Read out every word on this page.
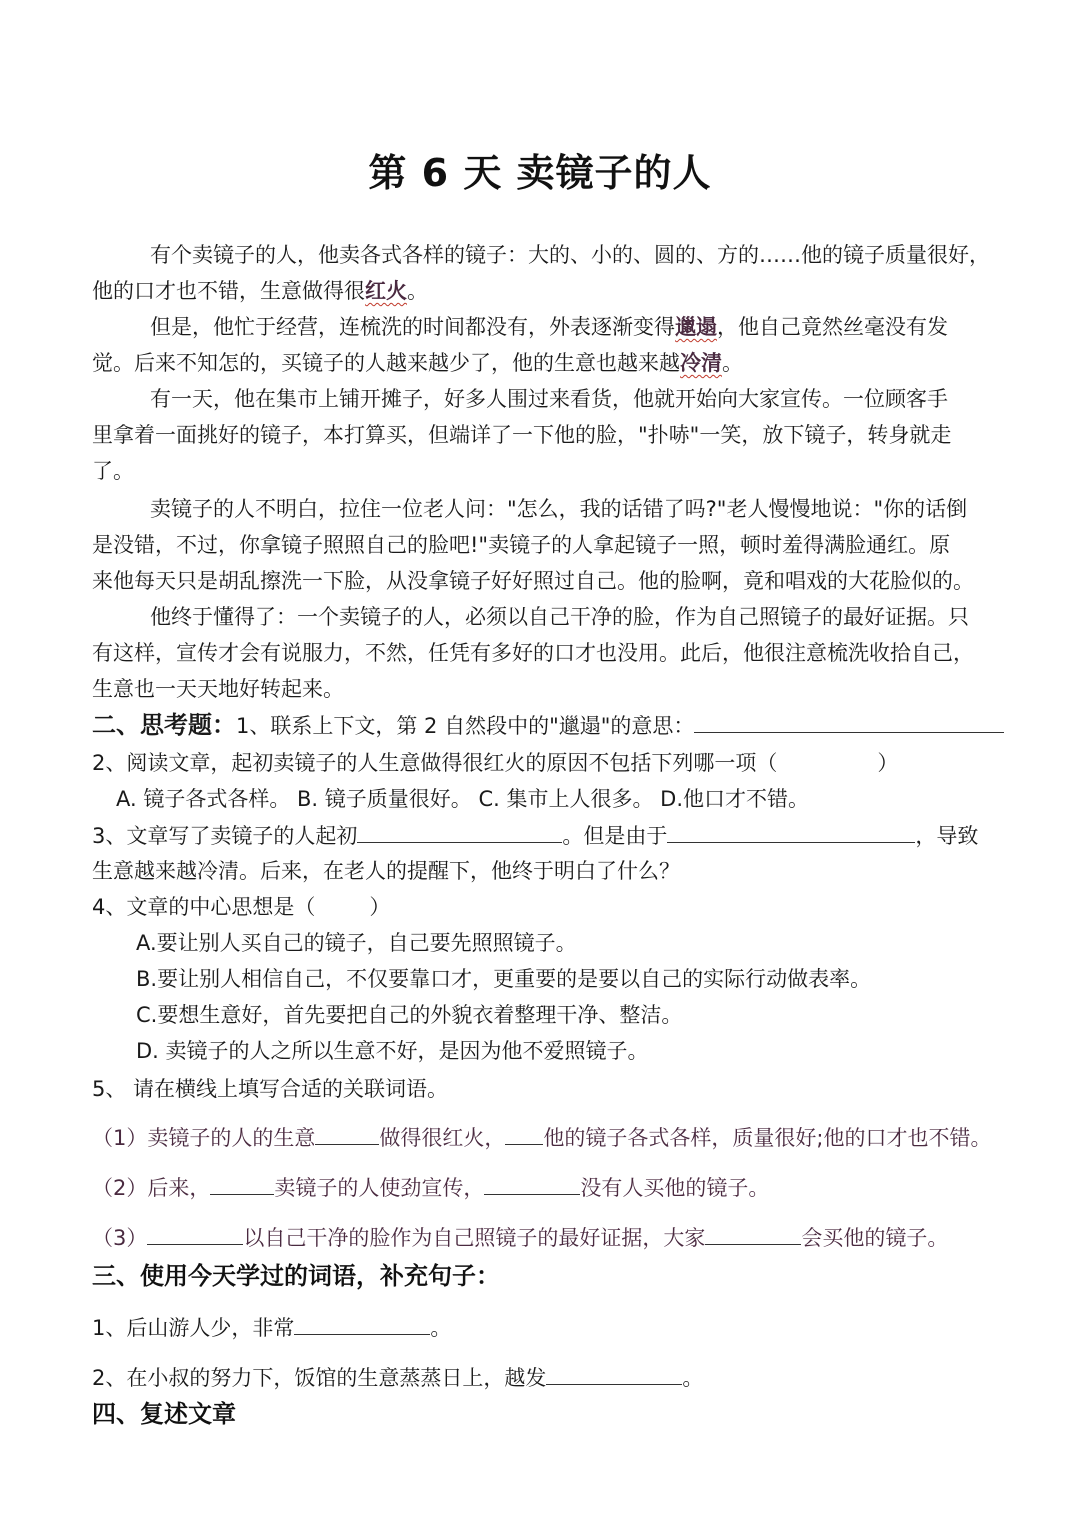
第 6 天 卖镜子的人
有个卖镜子的人，他卖各式各样的镜子：大的、小的、圆的、方的……他的镜子质量很好，
他的口才也不错，生意做得很红火。
但是，他忙于经营，连梳洗的时间都没有，外表逐渐变得邋遢，他自己竟然丝毫没有发
觉。后来不知怎的，买镜子的人越来越少了，他的生意也越来越冷清。
有一天，他在集市上铺开摊子，好多人围过来看货，他就开始向大家宣传。一位顾客手
里拿着一面挑好的镜子，本打算买，但端详了一下他的脸，"扑哧"一笑，放下镜子，转身就走
了。
卖镜子的人不明白，拉住一位老人问："怎么，我的话错了吗?"老人慢慢地说："你的话倒
是没错，不过，你拿镜子照照自己的脸吧!"卖镜子的人拿起镜子一照，顿时羞得满脸通红。原
来他每天只是胡乱擦洗一下脸，从没拿镜子好好照过自己。他的脸啊，竟和唱戏的大花脸似的。
他终于懂得了：一个卖镜子的人，必须以自己干净的脸，作为自己照镜子的最好证据。只
有这样，宣传才会有说服力，不然，任凭有多好的口才也没用。此后，他很注意梳洗收拾自己，
生意也一天天地好转起来。
二、思考题：1、联系上下文，第 2 自然段中的"邋遢"的意思：
2、阅读文章，起初卖镜子的人生意做得很红火的原因不包括下列哪一项（	）
A. 镜子各式各样。 B. 镜子质量很好。 C. 集市上人很多。 D.他口才不错。
3、文章写了卖镜子的人起初	。但是由于	，导致
生意越来越冷清。后来，在老人的提醒下，他终于明白了什么？
4、文章的中心思想是（	）
A.要让别人买自己的镜子，自己要先照照镜子。
B.要让别人相信自己，不仅要靠口才，更重要的是要以自己的实际行动做表率。
C.要想生意好，首先要把自己的外貌衣着整理干净、整洁。
D. 卖镜子的人之所以生意不好，是因为他不爱照镜子。
5、 请在横线上填写合适的关联词语。
（1）卖镜子的人的生意	做得很红火， 他的镜子各式各样，质量很好;他的口才也不错。
（2）后来，	卖镜子的人使劲宣传，	没有人买他的镜子。
（3）	以自己干净的脸作为自己照镜子的最好证据，大家	会买他的镜子。
三、使用今天学过的词语，补充句子：
1、后山游人少，非常	。
2、在小叔的努力下，饭馆的生意蒸蒸日上，越发	。
四、复述文章
